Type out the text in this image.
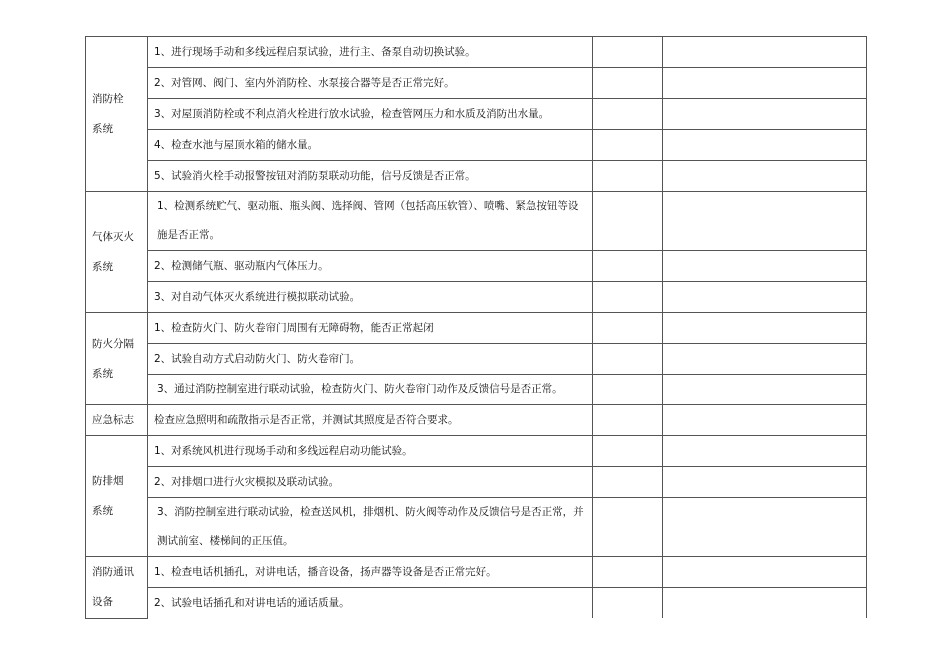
消防栓
系统	1、进行现场手动和多线远程启泵试验，进行主、备泵自动切换试验。		
	2、对管网、阀门、室内外消防栓、水泵接合器等是否正常完好。		
	3、对屋顶消防栓或不利点消火栓进行放水试验，检查管网压力和水质及消防出水量。		
	4、检查水池与屋顶水箱的储水量。		
	5、试验消火栓手动报警按钮对消防泵联动功能，信号反馈是否正常。		

气体灭火
系统	1、检测系统贮气、驱动瓶、瓶头阀、选择阀、管网（包括高压软管）、喷嘴、紧急按钮等设施是否正常。		
	2、检测储气瓶、驱动瓶内气体压力。		
	3、对自动气体灭火系统进行模拟联动试验。		

防火分隔
系统	1、检查防火门、防火卷帘门周围有无障碍物，能否正常起闭		
	2、试验自动方式启动防火门、防火卷帘门。		
	3、通过消防控制室进行联动试验，检查防火门、防火卷帘门动作及反馈信号是否正常。		

应急标志	检查应急照明和疏散指示是否正常，并测试其照度是否符合要求。		

防排烟
系统	1、对系统风机进行现场手动和多线远程启动功能试验。		
	2、对排烟口进行火灾模拟及联动试验。		
	3、消防控制室进行联动试验，检查送风机，排烟机、防火阀等动作及反馈信号是否正常，并测试前室、楼梯间的正压值。		

消防通讯
设备	1、检查电话机插孔，对讲电话，播音设备，扬声器等设备是否正常完好。		
	2、试验电话插孔和对讲电话的通话质量。		
